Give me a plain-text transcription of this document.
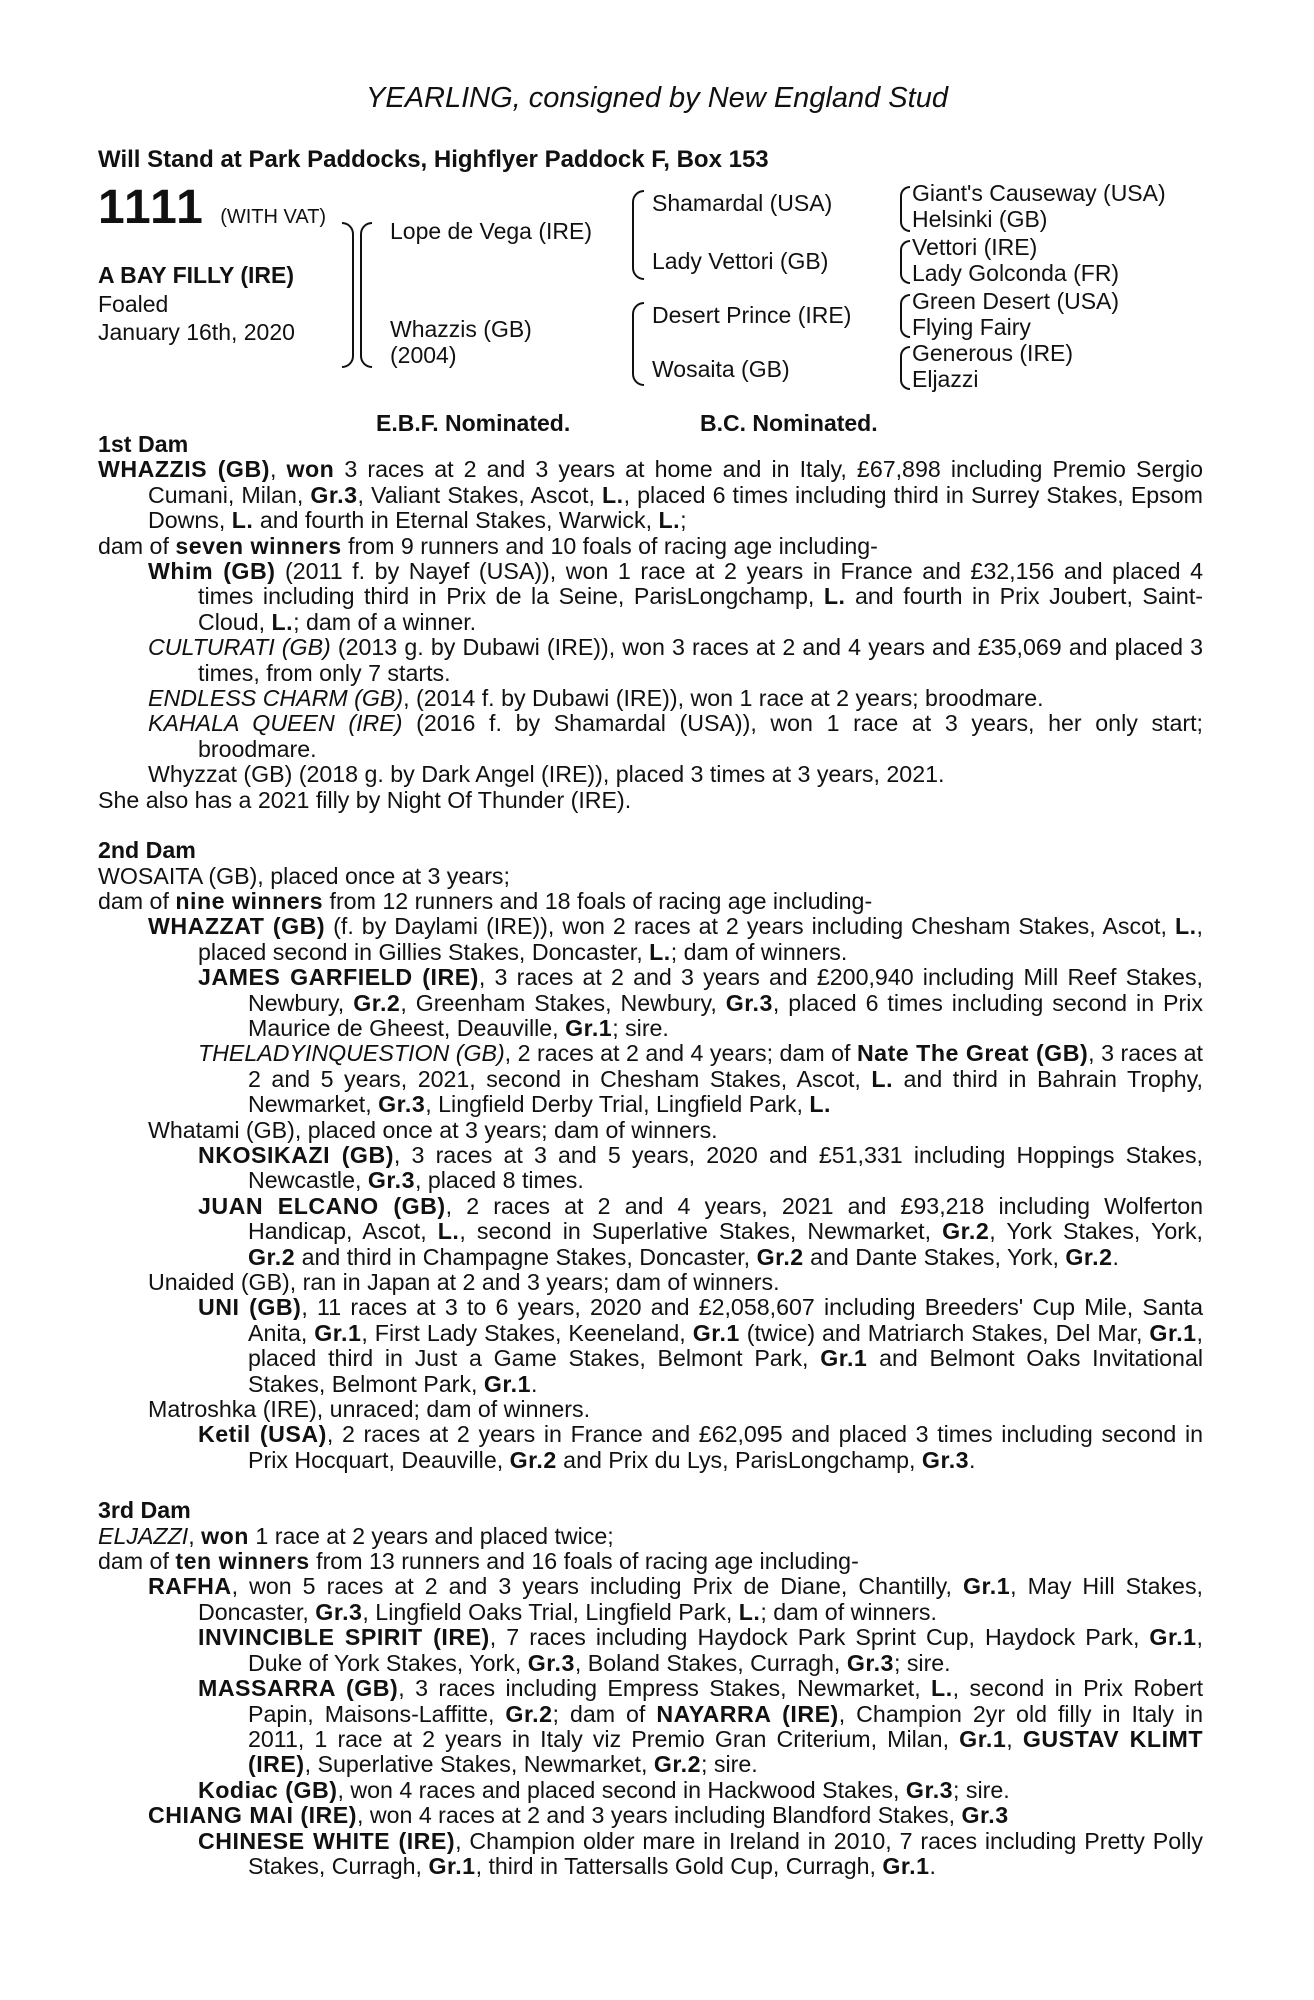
YEARLING, consigned by New England Stud
Will Stand at Park Paddocks, Highflyer Paddock F, Box 153
1111 (WITH VAT)
A BAY FILLY (IRE)
Foaled
January 16th, 2020
Lope de Vega (IRE)
Whazzis (GB)
(2004)
Shamardal (USA)
Lady Vettori (GB)
Desert Prince (IRE)
Wosaita (GB)
Giant's Causeway (USA)
Helsinki (GB)
Vettori (IRE)
Lady Golconda (FR)
Green Desert (USA)
Flying Fairy
Generous (IRE)
Eljazzi
E.B.F. Nominated.	B.C. Nominated.

1st Dam

WHAZZIS (GB), won 3 races at 2 and 3 years at home and in Italy, £67,898 including Premio Sergio Cumani, Milan, Gr.3, Valiant Stakes, Ascot, L., placed 6 times including third in Surrey Stakes, Epsom Downs, L. and fourth in Eternal Stakes, Warwick, L.;

dam of seven winners from 9 runners and 10 foals of racing age including-

Whim (GB) (2011 f. by Nayef (USA)), won 1 race at 2 years in France and £32,156 and placed 4 times including third in Prix de la Seine, ParisLongchamp, L. and fourth in Prix Joubert, Saint-Cloud, L.; dam of a winner.

CULTURATI (GB) (2013 g. by Dubawi (IRE)), won 3 races at 2 and 4 years and £35,069 and placed 3 times, from only 7 starts.

ENDLESS CHARM (GB), (2014 f. by Dubawi (IRE)), won 1 race at 2 years; broodmare.

KAHALA QUEEN (IRE) (2016 f. by Shamardal (USA)), won 1 race at 3 years, her only start; broodmare.

Whyzzat (GB) (2018 g. by Dark Angel (IRE)), placed 3 times at 3 years, 2021.

She also has a 2021 filly by Night Of Thunder (IRE).

2nd Dam

WOSAITA (GB), placed once at 3 years;

dam of nine winners from 12 runners and 18 foals of racing age including-

WHAZZAT (GB) (f. by Daylami (IRE)), won 2 races at 2 years including Chesham Stakes, Ascot, L., placed second in Gillies Stakes, Doncaster, L.; dam of winners.

JAMES GARFIELD (IRE), 3 races at 2 and 3 years and £200,940 including Mill Reef Stakes, Newbury, Gr.2, Greenham Stakes, Newbury, Gr.3, placed 6 times including second in Prix Maurice de Gheest, Deauville, Gr.1; sire.

THELADYINQUESTION (GB), 2 races at 2 and 4 years; dam of Nate The Great (GB), 3 races at 2 and 5 years, 2021, second in Chesham Stakes, Ascot, L. and third in Bahrain Trophy, Newmarket, Gr.3, Lingfield Derby Trial, Lingfield Park, L.

Whatami (GB), placed once at 3 years; dam of winners.

NKOSIKAZI (GB), 3 races at 3 and 5 years, 2020 and £51,331 including Hoppings Stakes, Newcastle, Gr.3, placed 8 times.

JUAN ELCANO (GB), 2 races at 2 and 4 years, 2021 and £93,218 including Wolferton Handicap, Ascot, L., second in Superlative Stakes, Newmarket, Gr.2, York Stakes, York, Gr.2 and third in Champagne Stakes, Doncaster, Gr.2 and Dante Stakes, York, Gr.2.

Unaided (GB), ran in Japan at 2 and 3 years; dam of winners.

UNI (GB), 11 races at 3 to 6 years, 2020 and £2,058,607 including Breeders' Cup Mile, Santa Anita, Gr.1, First Lady Stakes, Keeneland, Gr.1 (twice) and Matriarch Stakes, Del Mar, Gr.1, placed third in Just a Game Stakes, Belmont Park, Gr.1 and Belmont Oaks Invitational Stakes, Belmont Park, Gr.1.

Matroshka (IRE), unraced; dam of winners.

Ketil (USA), 2 races at 2 years in France and £62,095 and placed 3 times including second in Prix Hocquart, Deauville, Gr.2 and Prix du Lys, ParisLongchamp, Gr.3.

3rd Dam

ELJAZZI, won 1 race at 2 years and placed twice;

dam of ten winners from 13 runners and 16 foals of racing age including-

RAFHA, won 5 races at 2 and 3 years including Prix de Diane, Chantilly, Gr.1, May Hill Stakes, Doncaster, Gr.3, Lingfield Oaks Trial, Lingfield Park, L.; dam of winners.

INVINCIBLE SPIRIT (IRE), 7 races including Haydock Park Sprint Cup, Haydock Park, Gr.1, Duke of York Stakes, York, Gr.3, Boland Stakes, Curragh, Gr.3; sire.

MASSARRA (GB), 3 races including Empress Stakes, Newmarket, L., second in Prix Robert Papin, Maisons-Laffitte, Gr.2; dam of NAYARRA (IRE), Champion 2yr old filly in Italy in 2011, 1 race at 2 years in Italy viz Premio Gran Criterium, Milan, Gr.1, GUSTAV KLIMT (IRE), Superlative Stakes, Newmarket, Gr.2; sire.

Kodiac (GB), won 4 races and placed second in Hackwood Stakes, Gr.3; sire.

CHIANG MAI (IRE), won 4 races at 2 and 3 years including Blandford Stakes, Gr.3

CHINESE WHITE (IRE), Champion older mare in Ireland in 2010, 7 races including Pretty Polly Stakes, Curragh, Gr.1, third in Tattersalls Gold Cup, Curragh, Gr.1.
